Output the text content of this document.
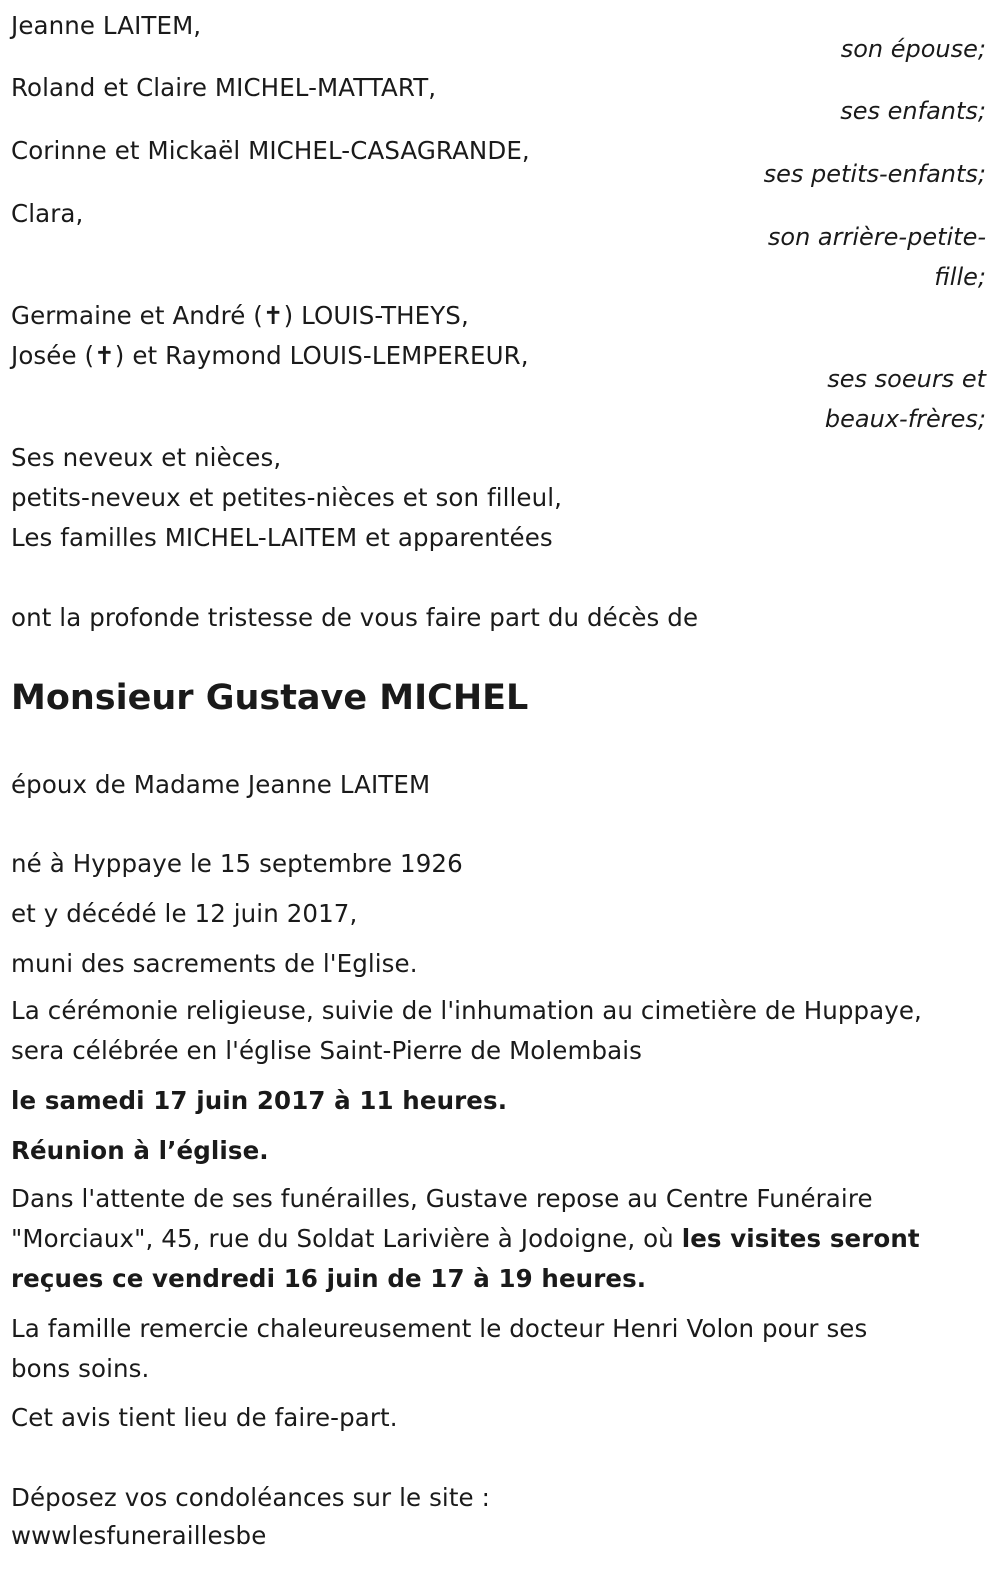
Jeanne LAITEM,
son épouse;
Roland et Claire MICHEL-MATTART,
ses enfants;
Corinne et Mickaël MICHEL-CASAGRANDE,
ses petits-enfants;
Clara,
son arrière-petite-
fille;
Germaine et André (✝) LOUIS-THEYS,
Josée (✝) et Raymond LOUIS-LEMPEREUR,
ses soeurs et
beaux-frères;
Ses neveux et nièces,
petits-neveux et petites-nièces et son filleul,
Les familles MICHEL-LAITEM et apparentées
ont la profonde tristesse de vous faire part du décès de
Monsieur Gustave MICHEL
époux de Madame Jeanne LAITEM
né à Hyppaye le 15 septembre 1926
et y décédé le 12 juin 2017,
muni des sacrements de l'Eglise.
La cérémonie religieuse, suivie de l'inhumation au cimetière de Huppaye,
sera célébrée en l'église Saint-Pierre de Molembais
le samedi 17 juin 2017 à 11 heures.
Réunion à l’église.
Dans l'attente de ses funérailles, Gustave repose au Centre Funéraire
"Morciaux", 45, rue du Soldat Larivière à Jodoigne, où les visites seront
reçues ce vendredi 16 juin de 17 à 19 heures.
La famille remercie chaleureusement le docteur Henri Volon pour ses
bons soins.
Cet avis tient lieu de faire-part.
Déposez vos condoléances sur le site :
wwwlesfuneraillesbe
